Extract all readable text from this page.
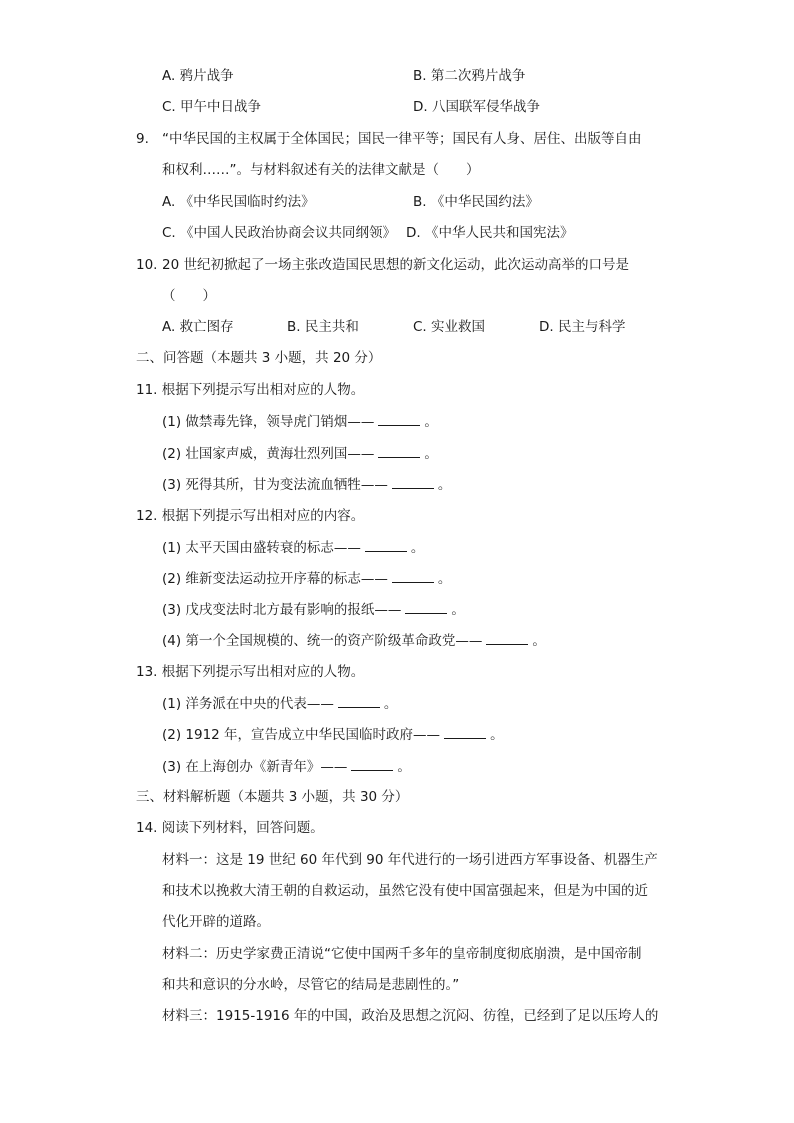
A. 鸦片战争	B. 第二次鸦片战争
C. 甲午中日战争	D. 八国联军侵华战争
9. “中华民国的主权属于全体国民；国民一律平等；国民有人身、居住、出版等自由
和权利……”。与材料叙述有关的法律文献是（　　）
A. 《中华民国临时约法》	B. 《中华民国约法》
C. 《中国人民政治协商会议共同纲领》 D. 《中华人民共和国宪法》
10. 20 世纪初掀起了一场主张改造国民思想的新文化运动，此次运动高举的口号是
（　　）
A. 救亡图存	B. 民主共和	C. 实业救国	D. 民主与科学
二、问答题（本题共 3 小题，共 20 分）
11. 根据下列提示写出相对应的人物。
(1) 做禁毒先锋，领导虎门销烟——	。
(2) 壮国家声威，黄海壮烈列国——	。
(3) 死得其所，甘为变法流血牺牲——	。
12. 根据下列提示写出相对应的内容。
(1) 太平天国由盛转衰的标志——	。
(2) 维新变法运动拉开序幕的标志——	。
(3) 戊戌变法时北方最有影响的报纸——	。
(4) 第一个全国规模的、统一的资产阶级革命政党——	。
13. 根据下列提示写出相对应的人物。
(1) 洋务派在中央的代表——	。
(2) 1912 年，宣告成立中华民国临时政府——	。
(3) 在上海创办《新青年》——	。
三、材料解析题（本题共 3 小题，共 30 分）
14. 阅读下列材料，回答问题。
材料一：这是 19 世纪 60 年代到 90 年代进行的一场引进西方军事设备、机器生产
和技术以挽救大清王朝的自救运动，虽然它没有使中国富强起来，但是为中国的近
代化开辟的道路。
材料二：历史学家费正清说“它使中国两千多年的皇帝制度彻底崩溃，是中国帝制
和共和意识的分水岭，尽管它的结局是悲剧性的。”
材料三：1915-1916 年的中国，政治及思想之沉闷、彷徨，已经到了足以压垮人的
